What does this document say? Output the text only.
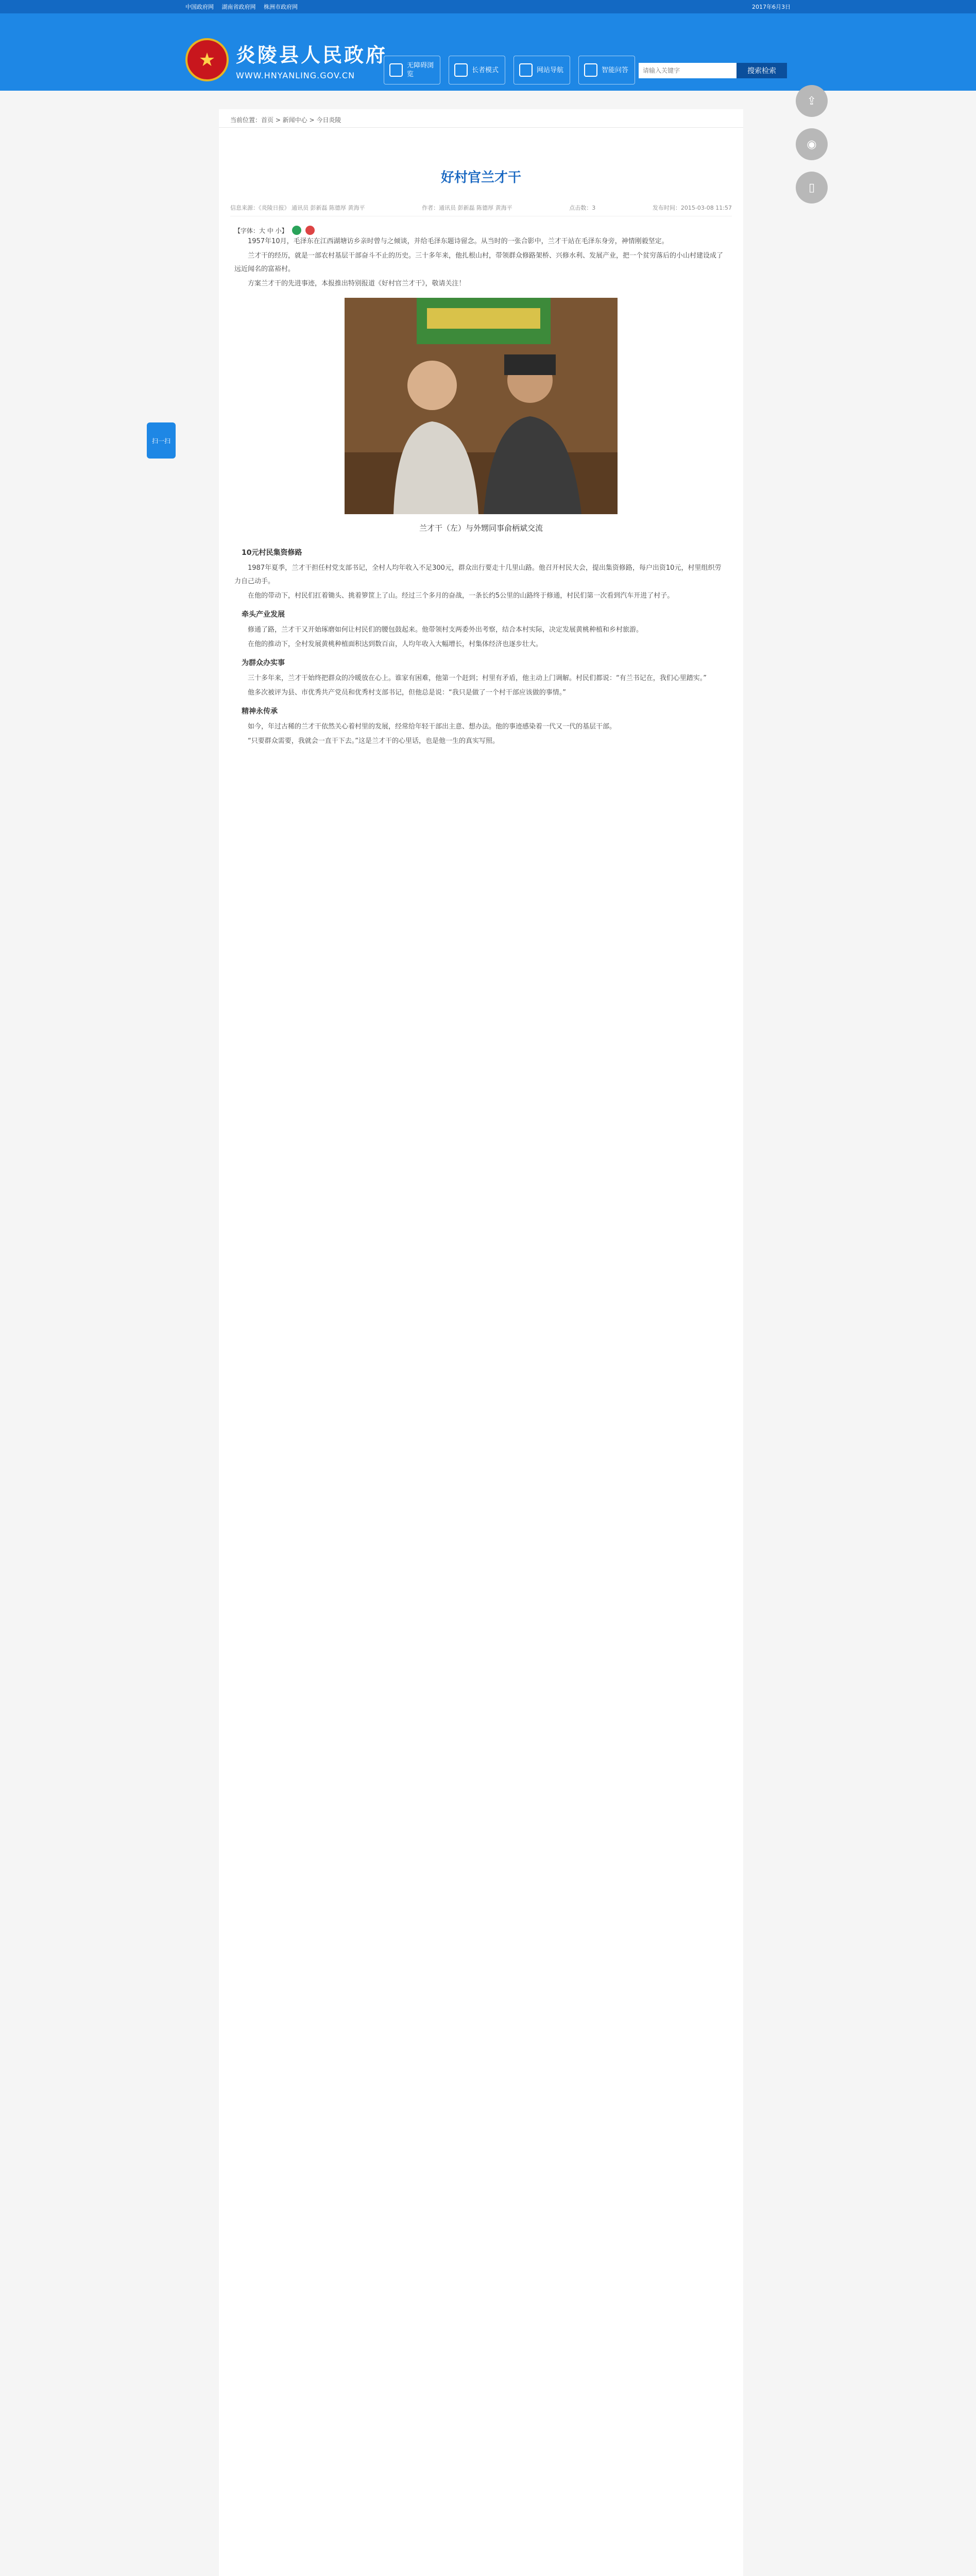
中国政府网 湖南省政府网 株洲市政府网	2017年6月3日
★	炎陵县人民政府
WWW.HNYANLING.GOV.CN
无障碍浏览
长者模式	网站导航	智能问答
请输入关键字	搜索检索
当前位置：首页 > 新闻中心 > 今日炎陵
好村官兰才干
信息来源：《炎陵日报》 通讯员 彭新磊 陈德厚 黄海平	作者：通讯员 彭新磊 陈德厚 黄海平	点击数：3	发布时间：2015-03-08 11:57
【字体：大 中 小】

1957年10月，毛泽东在江西湖塘访乡亲时曾与之倾谈，并给毛泽东题诗留念。从当时的一张合影中，兰才干站在毛泽东身旁，神情刚毅坚定。

兰才干的经历，就是一部农村基层干部奋斗不止的历史。三十多年来，他扎根山村，带领群众修路架桥、兴修水利、发展产业，把一个贫穷落后的小山村建设成了远近闻名的富裕村。

方案兰才干的先进事迹，本报推出特别报道《好村官兰才干》，敬请关注！

兰才干（左）与外甥同事俞柄斌交流
10元村民集资修路

1987年夏季，兰才干担任村党支部书记，全村人均年收入不足300元，群众出行要走十几里山路。他召开村民大会，提出集资修路，每户出资10元，村里组织劳力自己动手。

在他的带动下，村民们扛着锄头、挑着箩筐上了山。经过三个多月的奋战，一条长约5公里的山路终于修通，村民们第一次看到汽车开进了村子。

牵头产业发展

修通了路，兰才干又开始琢磨如何让村民们的腰包鼓起来。他带领村支两委外出考察，结合本村实际，决定发展黄桃种植和乡村旅游。

在他的推动下，全村发展黄桃种植面积达到数百亩，人均年收入大幅增长，村集体经济也逐步壮大。

为群众办实事

三十多年来，兰才干始终把群众的冷暖放在心上。谁家有困难，他第一个赶到；村里有矛盾，他主动上门调解。村民们都说：“有兰书记在，我们心里踏实。”

他多次被评为县、市优秀共产党员和优秀村支部书记，但他总是说：“我只是做了一个村干部应该做的事情。”

精神永传承

如今，年过古稀的兰才干依然关心着村里的发展，经常给年轻干部出主意、想办法。他的事迹感染着一代又一代的基层干部。

“只要群众需要，我就会一直干下去。”这是兰才干的心里话，也是他一生的真实写照。

⇪
◉
▯
扫一扫
